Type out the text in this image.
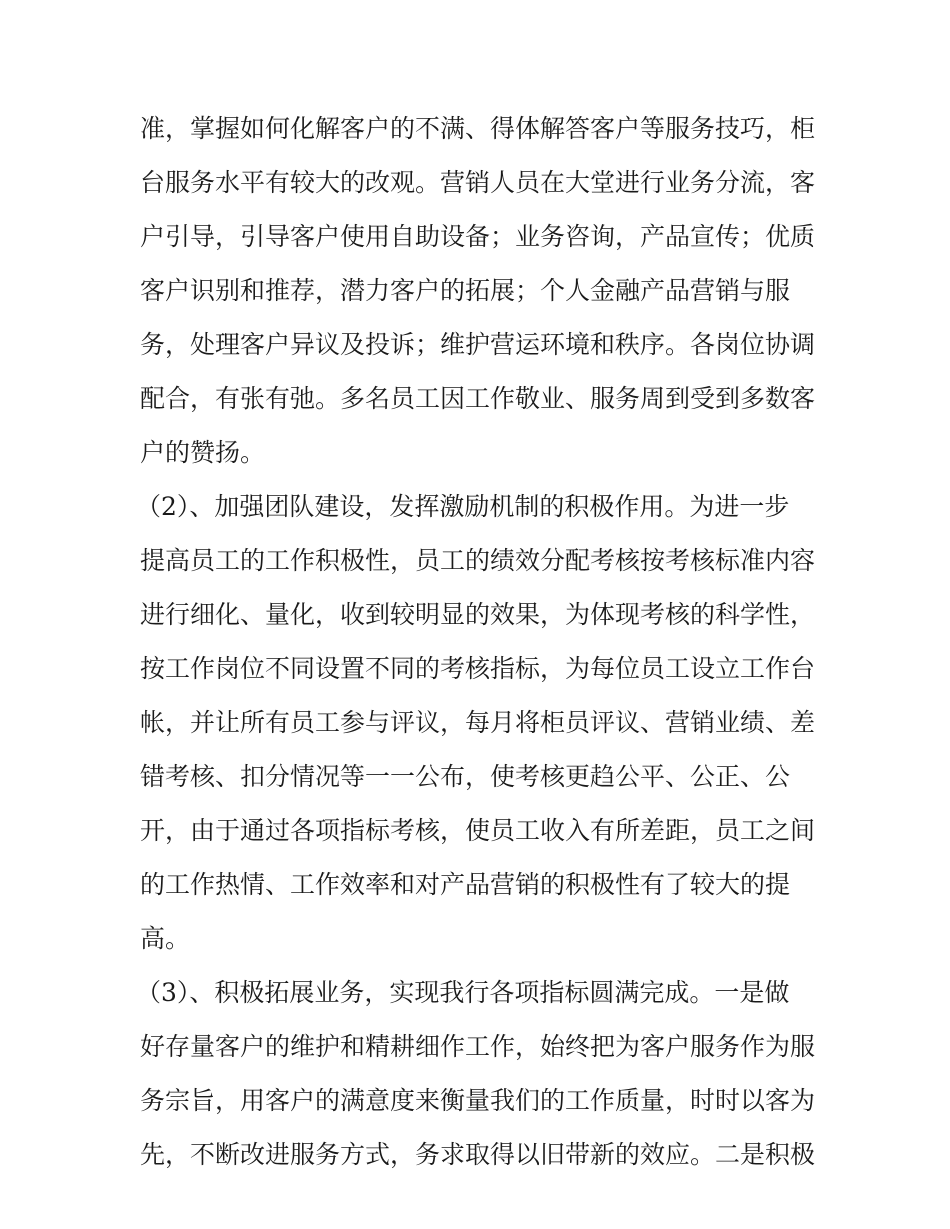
准，掌握如何化解客户的不满、得体解答客户等服务技巧，柜
台服务水平有较大的改观。营销人员在大堂进行业务分流，客
户引导，引导客户使用自助设备；业务咨询，产品宣传；优质
客户识别和推荐，潜力客户的拓展；个人金融产品营销与服
务，处理客户异议及投诉；维护营运环境和秩序。各岗位协调
配合，有张有弛。多名员工因工作敬业、服务周到受到多数客
户的赞扬。
（2）、加强团队建设，发挥激励机制的积极作用。为进一步
提高员工的工作积极性，员工的绩效分配考核按考核标准内容
进行细化、量化，收到较明显的效果，为体现考核的科学性，
按工作岗位不同设置不同的考核指标，为每位员工设立工作台
帐，并让所有员工参与评议，每月将柜员评议、营销业绩、差
错考核、扣分情况等一一公布，使考核更趋公平、公正、公
开，由于通过各项指标考核，使员工收入有所差距，员工之间
的工作热情、工作效率和对产品营销的积极性有了较大的提
高。
（3）、积极拓展业务，实现我行各项指标圆满完成。一是做
好存量客户的维护和精耕细作工作，始终把为客户服务作为服
务宗旨，用客户的满意度来衡量我们的工作质量，时时以客为
先，不断改进服务方式，务求取得以旧带新的效应。二是积极
